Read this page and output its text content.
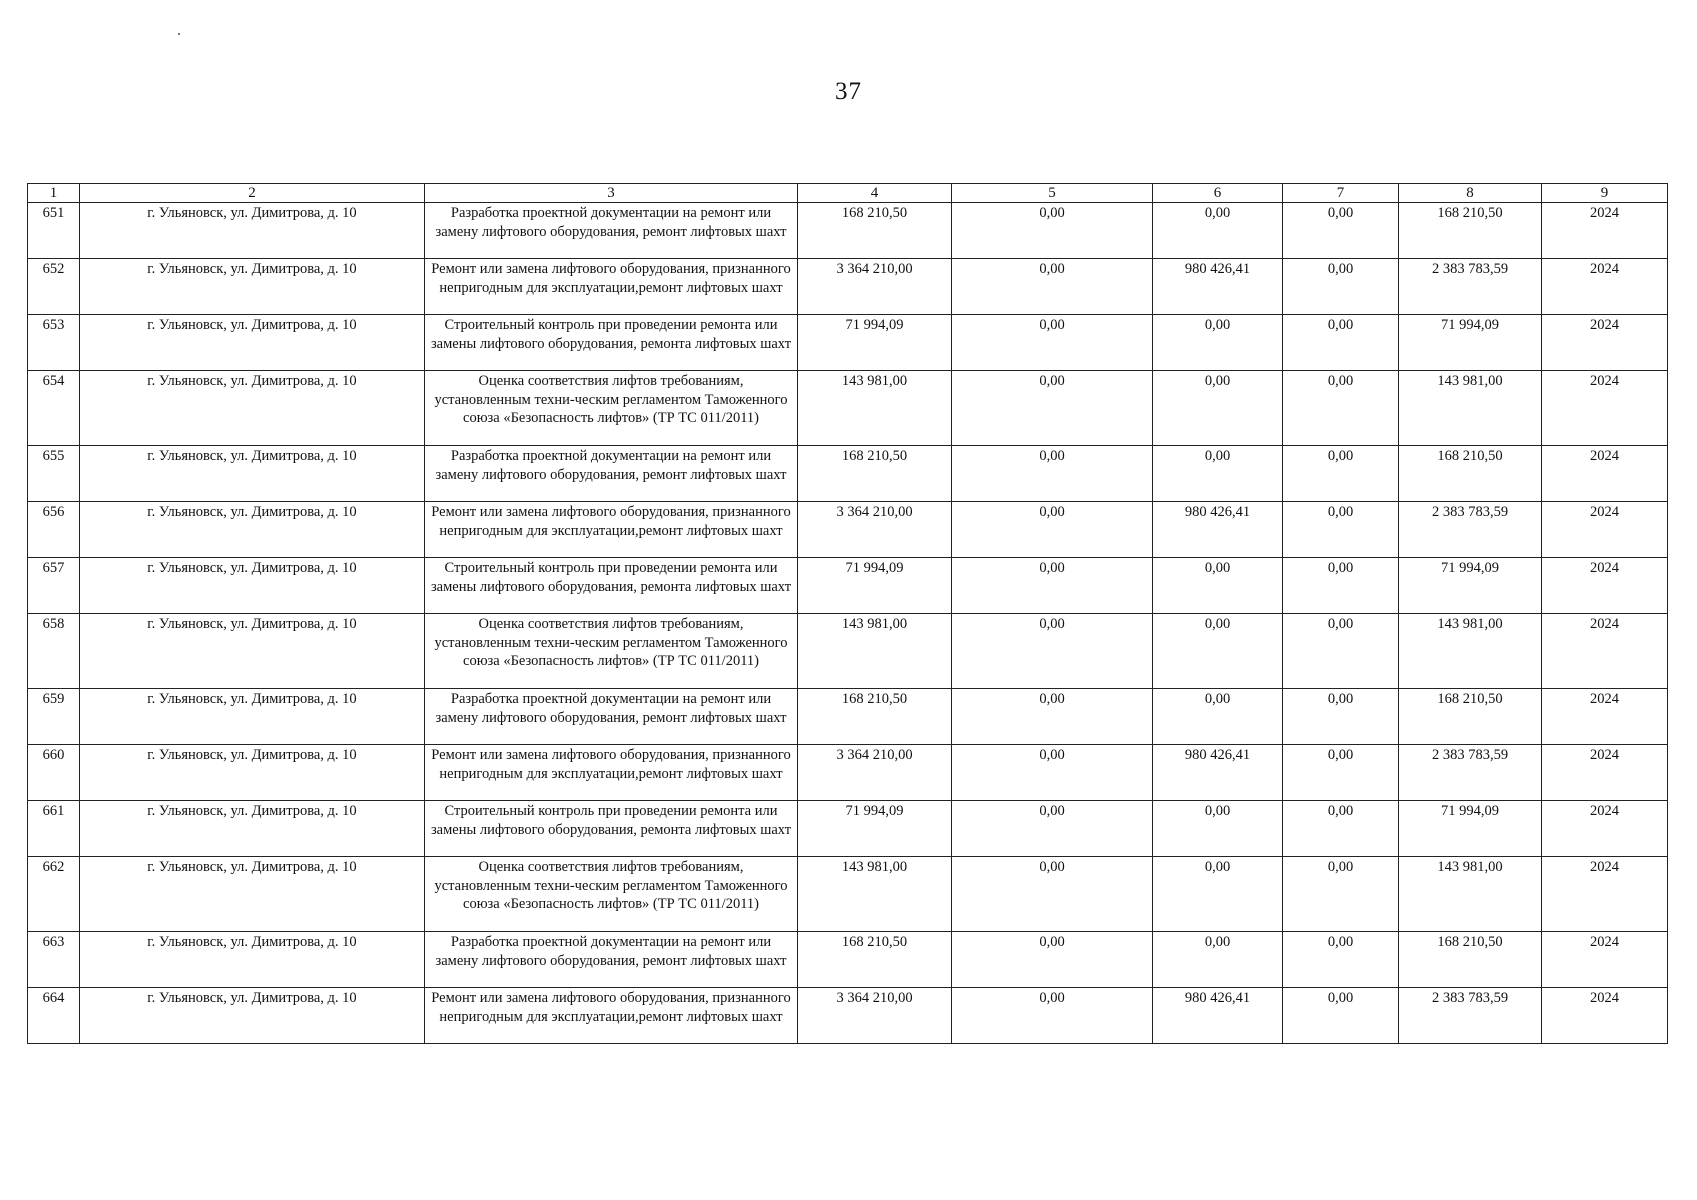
37
1	2	3	4	5	6	7	8	9
651	г. Ульяновск, ул. Димитрова, д. 10	Разработка проектной документации на ремонт или замену лифтового оборудования, ремонт лифтовых шахт	168 210,50	0,00	0,00	0,00	168 210,50	2024
652	г. Ульяновск, ул. Димитрова, д. 10	Ремонт или замена лифтового оборудования, признанного непригодным для эксплуатации,ремонт лифтовых шахт	3 364 210,00	0,00	980 426,41	0,00	2 383 783,59	2024
653	г. Ульяновск, ул. Димитрова, д. 10	Строительный контроль при проведении ремонта или замены лифтового оборудования, ремонта лифтовых шахт	71 994,09	0,00	0,00	0,00	71 994,09	2024
654	г. Ульяновск, ул. Димитрова, д. 10	Оценка соответствия лифтов требованиям, установленным техни-ческим регламентом Таможенного союза «Безопасность лифтов» (ТР ТС 011/2011)	143 981,00	0,00	0,00	0,00	143 981,00	2024
655	г. Ульяновск, ул. Димитрова, д. 10	Разработка проектной документации на ремонт или замену лифтового оборудования, ремонт лифтовых шахт	168 210,50	0,00	0,00	0,00	168 210,50	2024
656	г. Ульяновск, ул. Димитрова, д. 10	Ремонт или замена лифтового оборудования, признанного непригодным для эксплуатации,ремонт лифтовых шахт	3 364 210,00	0,00	980 426,41	0,00	2 383 783,59	2024
657	г. Ульяновск, ул. Димитрова, д. 10	Строительный контроль при проведении ремонта или замены лифтового оборудования, ремонта лифтовых шахт	71 994,09	0,00	0,00	0,00	71 994,09	2024
658	г. Ульяновск, ул. Димитрова, д. 10	Оценка соответствия лифтов требованиям, установленным техни-ческим регламентом Таможенного союза «Безопасность лифтов» (ТР ТС 011/2011)	143 981,00	0,00	0,00	0,00	143 981,00	2024
659	г. Ульяновск, ул. Димитрова, д. 10	Разработка проектной документации на ремонт или замену лифтового оборудования, ремонт лифтовых шахт	168 210,50	0,00	0,00	0,00	168 210,50	2024
660	г. Ульяновск, ул. Димитрова, д. 10	Ремонт или замена лифтового оборудования, признанного непригодным для эксплуатации,ремонт лифтовых шахт	3 364 210,00	0,00	980 426,41	0,00	2 383 783,59	2024
661	г. Ульяновск, ул. Димитрова, д. 10	Строительный контроль при проведении ремонта или замены лифтового оборудования, ремонта лифтовых шахт	71 994,09	0,00	0,00	0,00	71 994,09	2024
662	г. Ульяновск, ул. Димитрова, д. 10	Оценка соответствия лифтов требованиям, установленным техни-ческим регламентом Таможенного союза «Безопасность лифтов» (ТР ТС 011/2011)	143 981,00	0,00	0,00	0,00	143 981,00	2024
663	г. Ульяновск, ул. Димитрова, д. 10	Разработка проектной документации на ремонт или замену лифтового оборудования, ремонт лифтовых шахт	168 210,50	0,00	0,00	0,00	168 210,50	2024
664	г. Ульяновск, ул. Димитрова, д. 10	Ремонт или замена лифтового оборудования, признанного непригодным для эксплуатации,ремонт лифтовых шахт	3 364 210,00	0,00	980 426,41	0,00	2 383 783,59	2024
